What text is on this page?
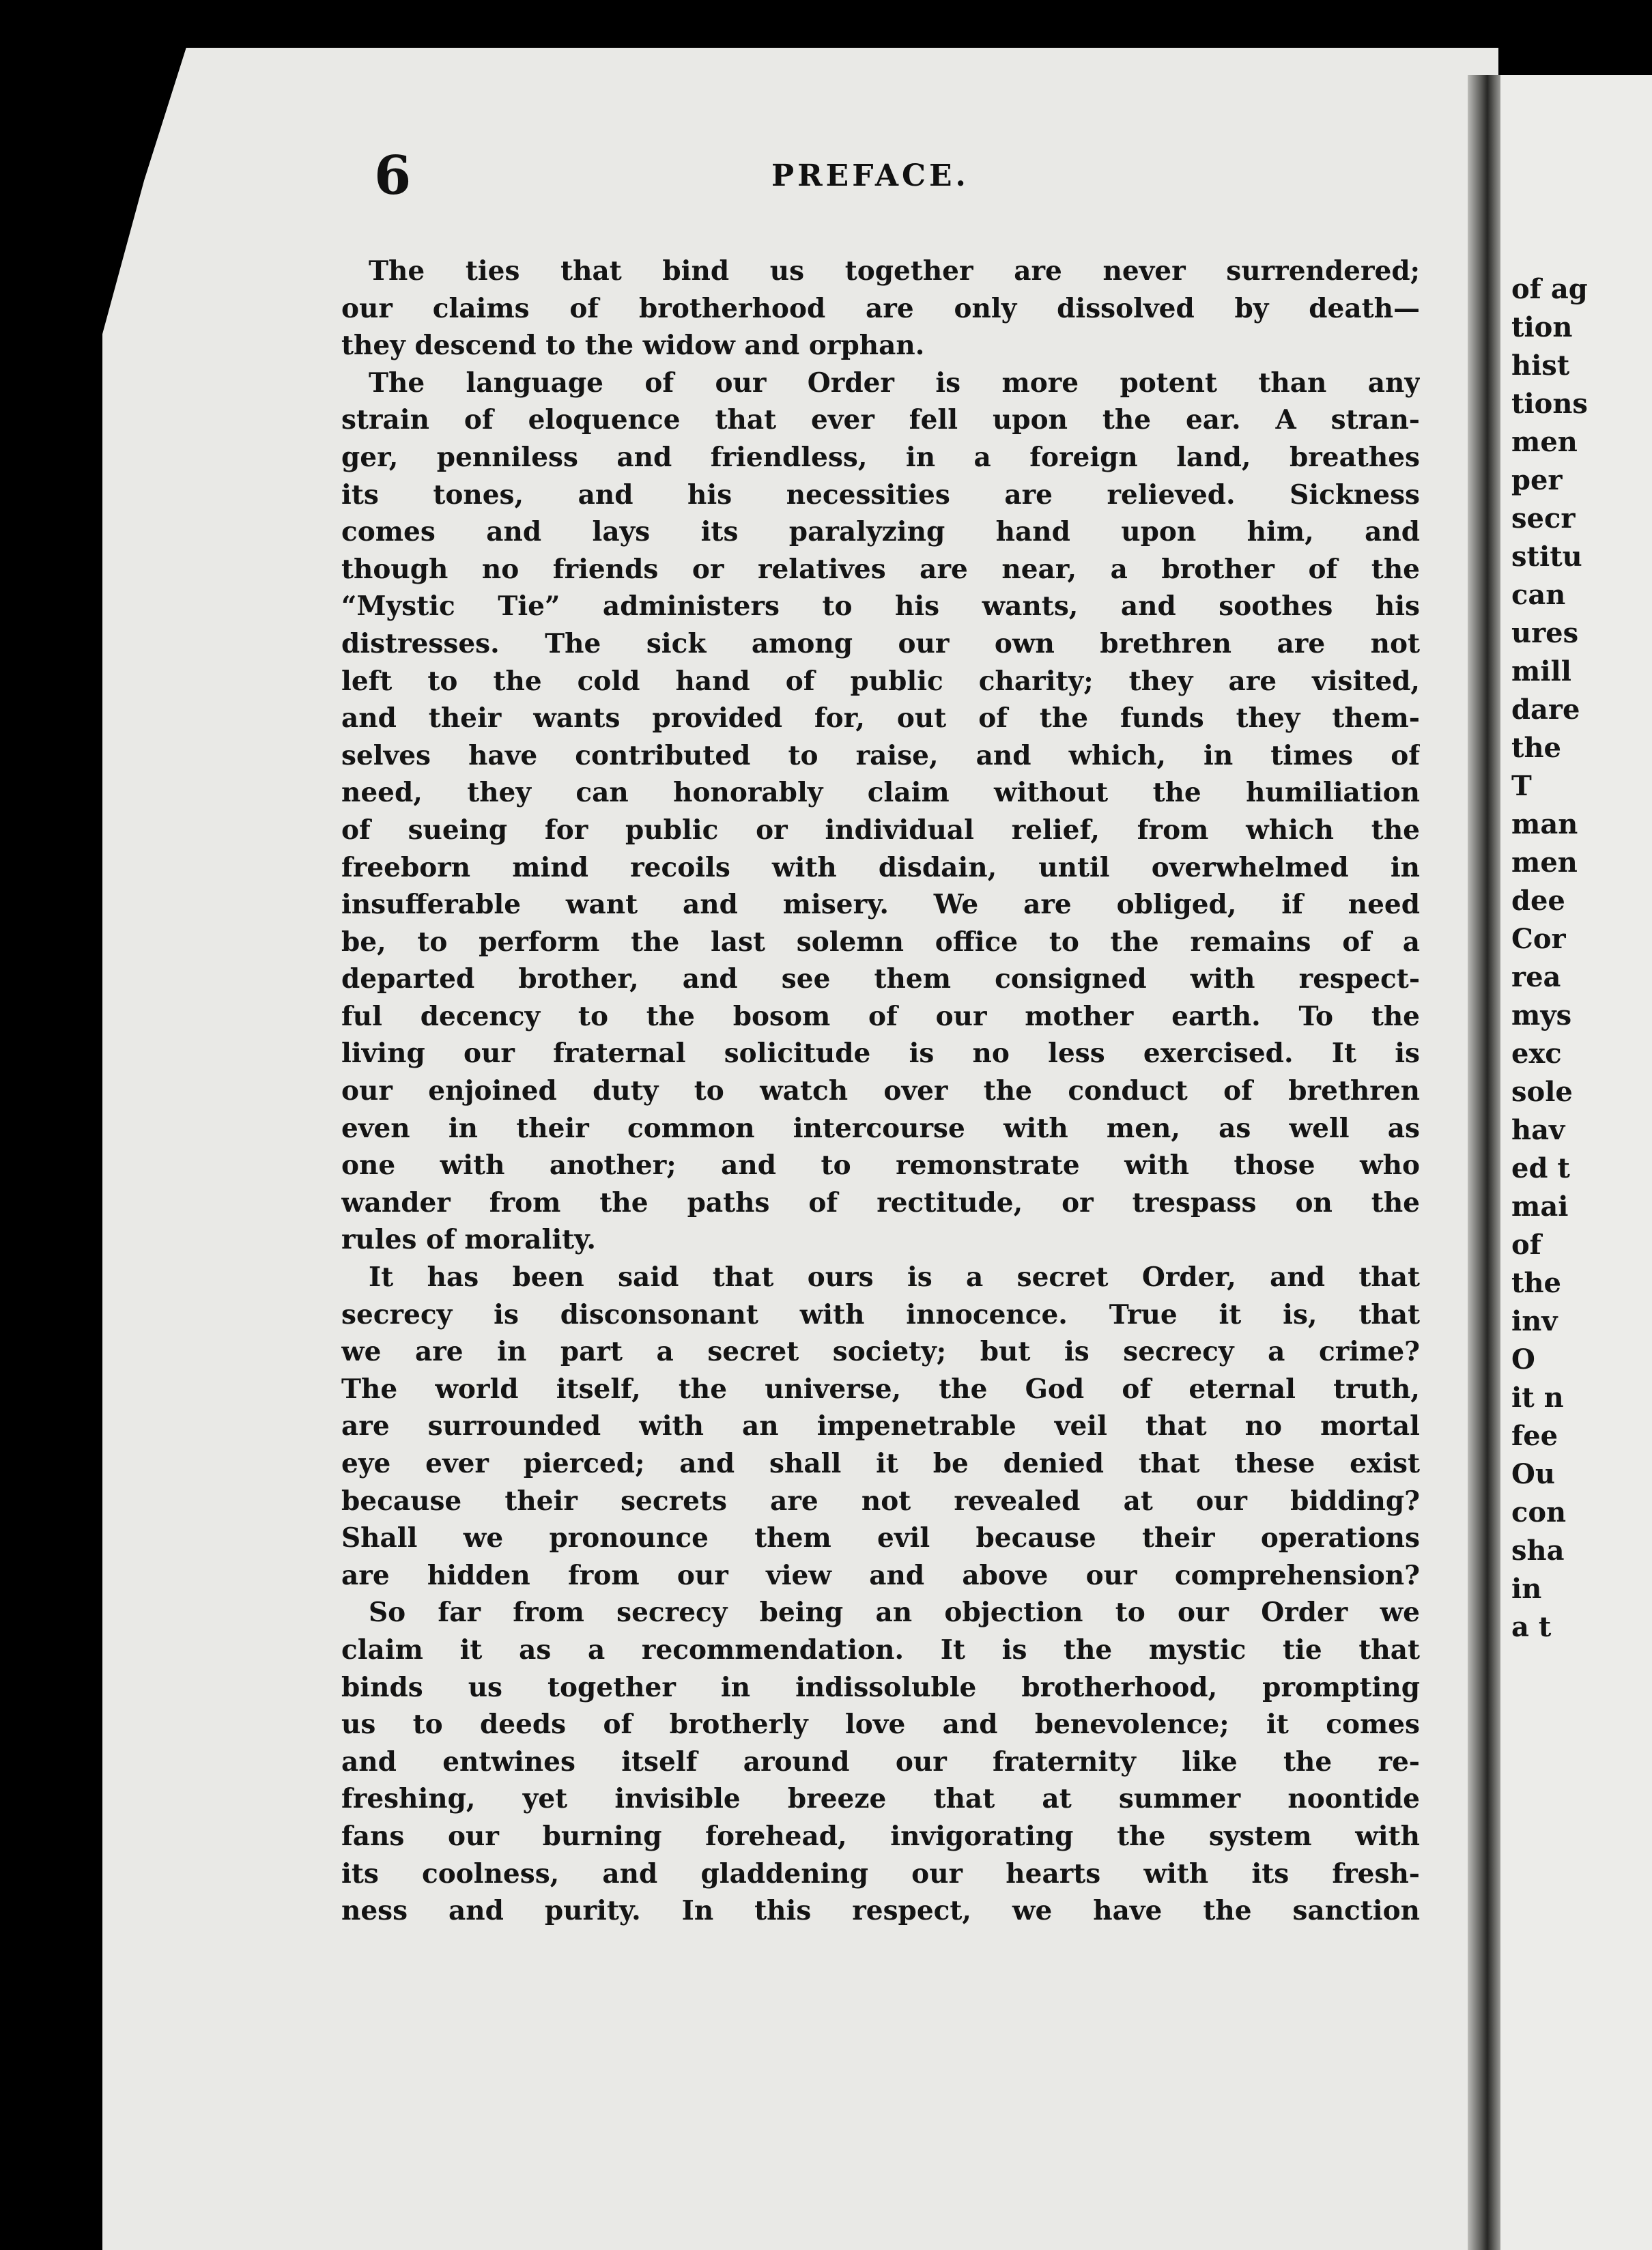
of ag

tion

hist

tions

men

per

secr

stitu

can

ures

mill

dare

the

T

man

men

dee

Cor

rea

mys

exc

sole

hav

ed t

mai

of

the

inv

O

it n

fee

Ou

con

sha

in

a t

6	PREFACE.

The ties that bind us together are never surrendered;

our claims of brotherhood are only dissolved by death—

they descend to the widow and orphan.

The language of our Order is more potent than any

strain of eloquence that ever fell upon the ear. A stran-

ger, penniless and friendless, in a foreign land, breathes

its tones, and his necessities are relieved. Sickness

comes and lays its paralyzing hand upon him, and

though no friends or relatives are near, a brother of the

“Mystic Tie” administers to his wants, and soothes his

distresses. The sick among our own brethren are not

left to the cold hand of public charity; they are visited,

and their wants provided for, out of the funds they them-

selves have contributed to raise, and which, in times of

need, they can honorably claim without the humiliation

of sueing for public or individual relief, from which the

freeborn mind recoils with disdain, until overwhelmed in

insufferable want and misery. We are obliged, if need

be, to perform the last solemn office to the remains of a

departed brother, and see them consigned with respect-

ful decency to the bosom of our mother earth. To the

living our fraternal solicitude is no less exercised. It is

our enjoined duty to watch over the conduct of brethren

even in their common intercourse with men, as well as

one with another; and to remonstrate with those who

wander from the paths of rectitude, or trespass on the

rules of morality.

It has been said that ours is a secret Order, and that

secrecy is disconsonant with innocence. True it is, that

we are in part a secret society; but is secrecy a crime?

The world itself, the universe, the God of eternal truth,

are surrounded with an impenetrable veil that no mortal

eye ever pierced; and shall it be denied that these exist

because their secrets are not revealed at our bidding?

Shall we pronounce them evil because their operations

are hidden from our view and above our comprehension?

So far from secrecy being an objection to our Order we

claim it as a recommendation. It is the mystic tie that

binds us together in indissoluble brotherhood, prompting

us to deeds of brotherly love and benevolence; it comes

and entwines itself around our fraternity like the re-

freshing, yet invisible breeze that at summer noontide

fans our burning forehead, invigorating the system with

its coolness, and gladdening our hearts with its fresh-

ness and purity. In this respect, we have the sanction
